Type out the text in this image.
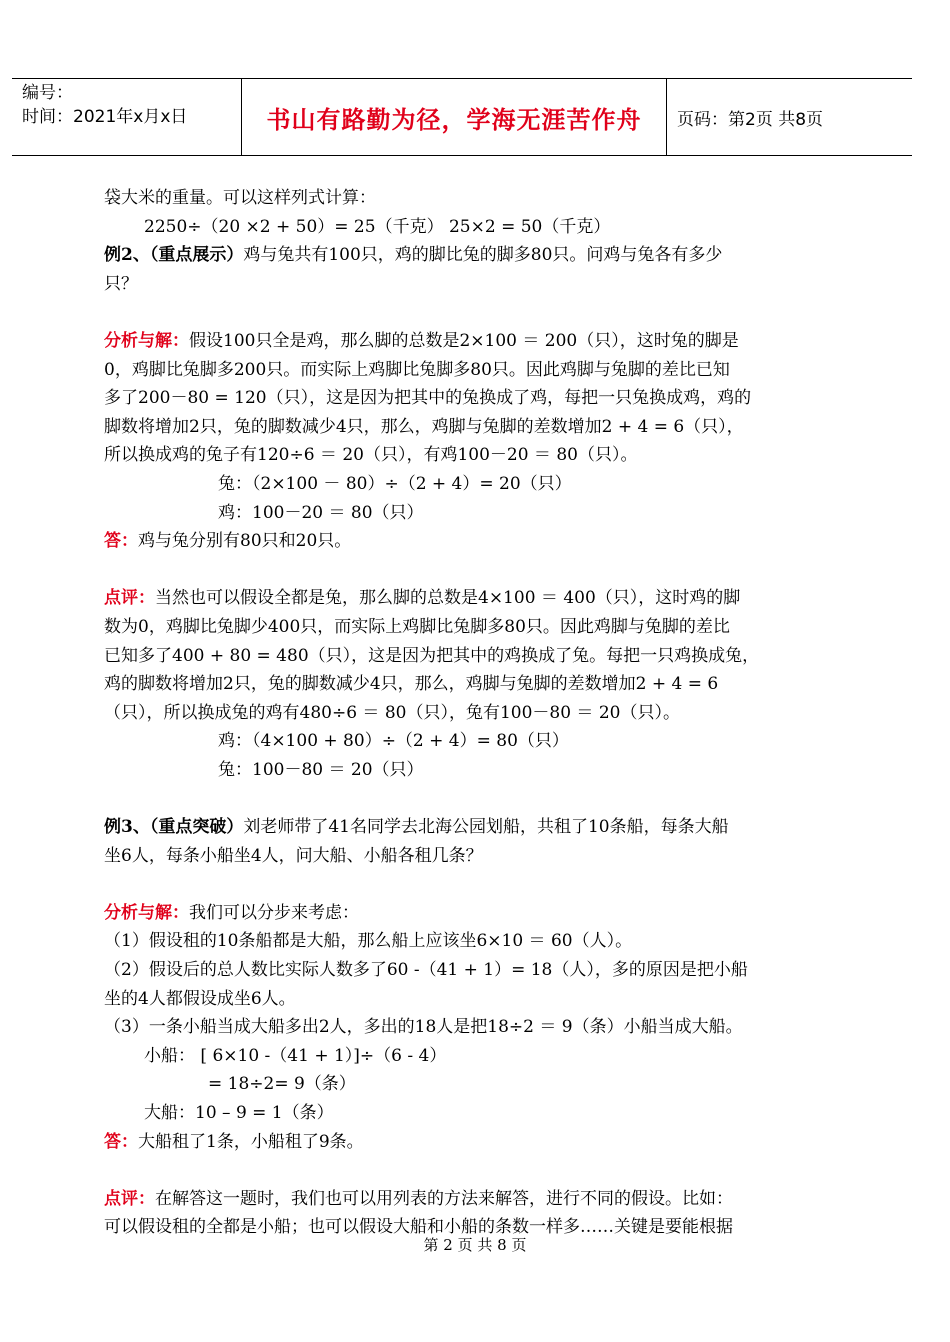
编号：
时间：2021年x月x日	书山有路勤为径，学海无涯苦作舟	页码：第2页 共8页
袋大米的重量。可以这样列式计算：
2250÷（20 ×2 + 50）= 25（千克） 25×2 = 50（千克）
例2、（重点展示）鸡与兔共有100只，鸡的脚比兔的脚多80只。问鸡与兔各有多少
只？
分析与解：假设100只全是鸡，那么脚的总数是2×100 ＝ 200（只），这时兔的脚是
0，鸡脚比兔脚多200只。而实际上鸡脚比兔脚多80只。因此鸡脚与兔脚的差比已知
多了200－80 = 120（只），这是因为把其中的兔换成了鸡，每把一只兔换成鸡，鸡的
脚数将增加2只，兔的脚数减少4只，那么，鸡脚与兔脚的差数增加2 + 4 = 6（只），
所以换成鸡的兔子有120÷6 ＝ 20（只），有鸡100－20 ＝ 80（只）。
兔：（2×100 － 80）÷（2 + 4）= 20（只）
鸡：100－20 ＝ 80（只）
答：鸡与兔分别有80只和20只。
点评：当然也可以假设全都是兔，那么脚的总数是4×100 ＝ 400（只），这时鸡的脚
数为0，鸡脚比兔脚少400只，而实际上鸡脚比兔脚多80只。因此鸡脚与兔脚的差比
已知多了400 + 80 = 480（只），这是因为把其中的鸡换成了兔。每把一只鸡换成兔，
鸡的脚数将增加2只，兔的脚数减少4只，那么，鸡脚与兔脚的差数增加2 + 4 = 6
（只），所以换成兔的鸡有480÷6 ＝ 80（只），兔有100－80 ＝ 20（只）。
鸡：（4×100 + 80）÷（2 + 4）= 80（只）
兔：100－80 ＝ 20（只）
例3、（重点突破）刘老师带了41名同学去北海公园划船，共租了10条船，每条大船
坐6人，每条小船坐4人，问大船、小船各租几条？
分析与解：我们可以分步来考虑：
（1）假设租的10条船都是大船，那么船上应该坐6×10 ＝ 60（人）。
（2）假设后的总人数比实际人数多了60 -（41 + 1）= 18（人），多的原因是把小船
坐的4人都假设成坐6人。
（3）一条小船当成大船多出2人，多出的18人是把18÷2 ＝ 9（条）小船当成大船。
小船： [ 6×10 -（41 + 1）]÷（6 - 4）
= 18÷2= 9（条）
大船：10 – 9 = 1（条）
答：大船租了1条，小船租了9条。
点评：在解答这一题时，我们也可以用列表的方法来解答，进行不同的假设。比如：
可以假设租的全都是小船；也可以假设大船和小船的条数一样多……关键是要能根据
第 2 页 共 8 页
